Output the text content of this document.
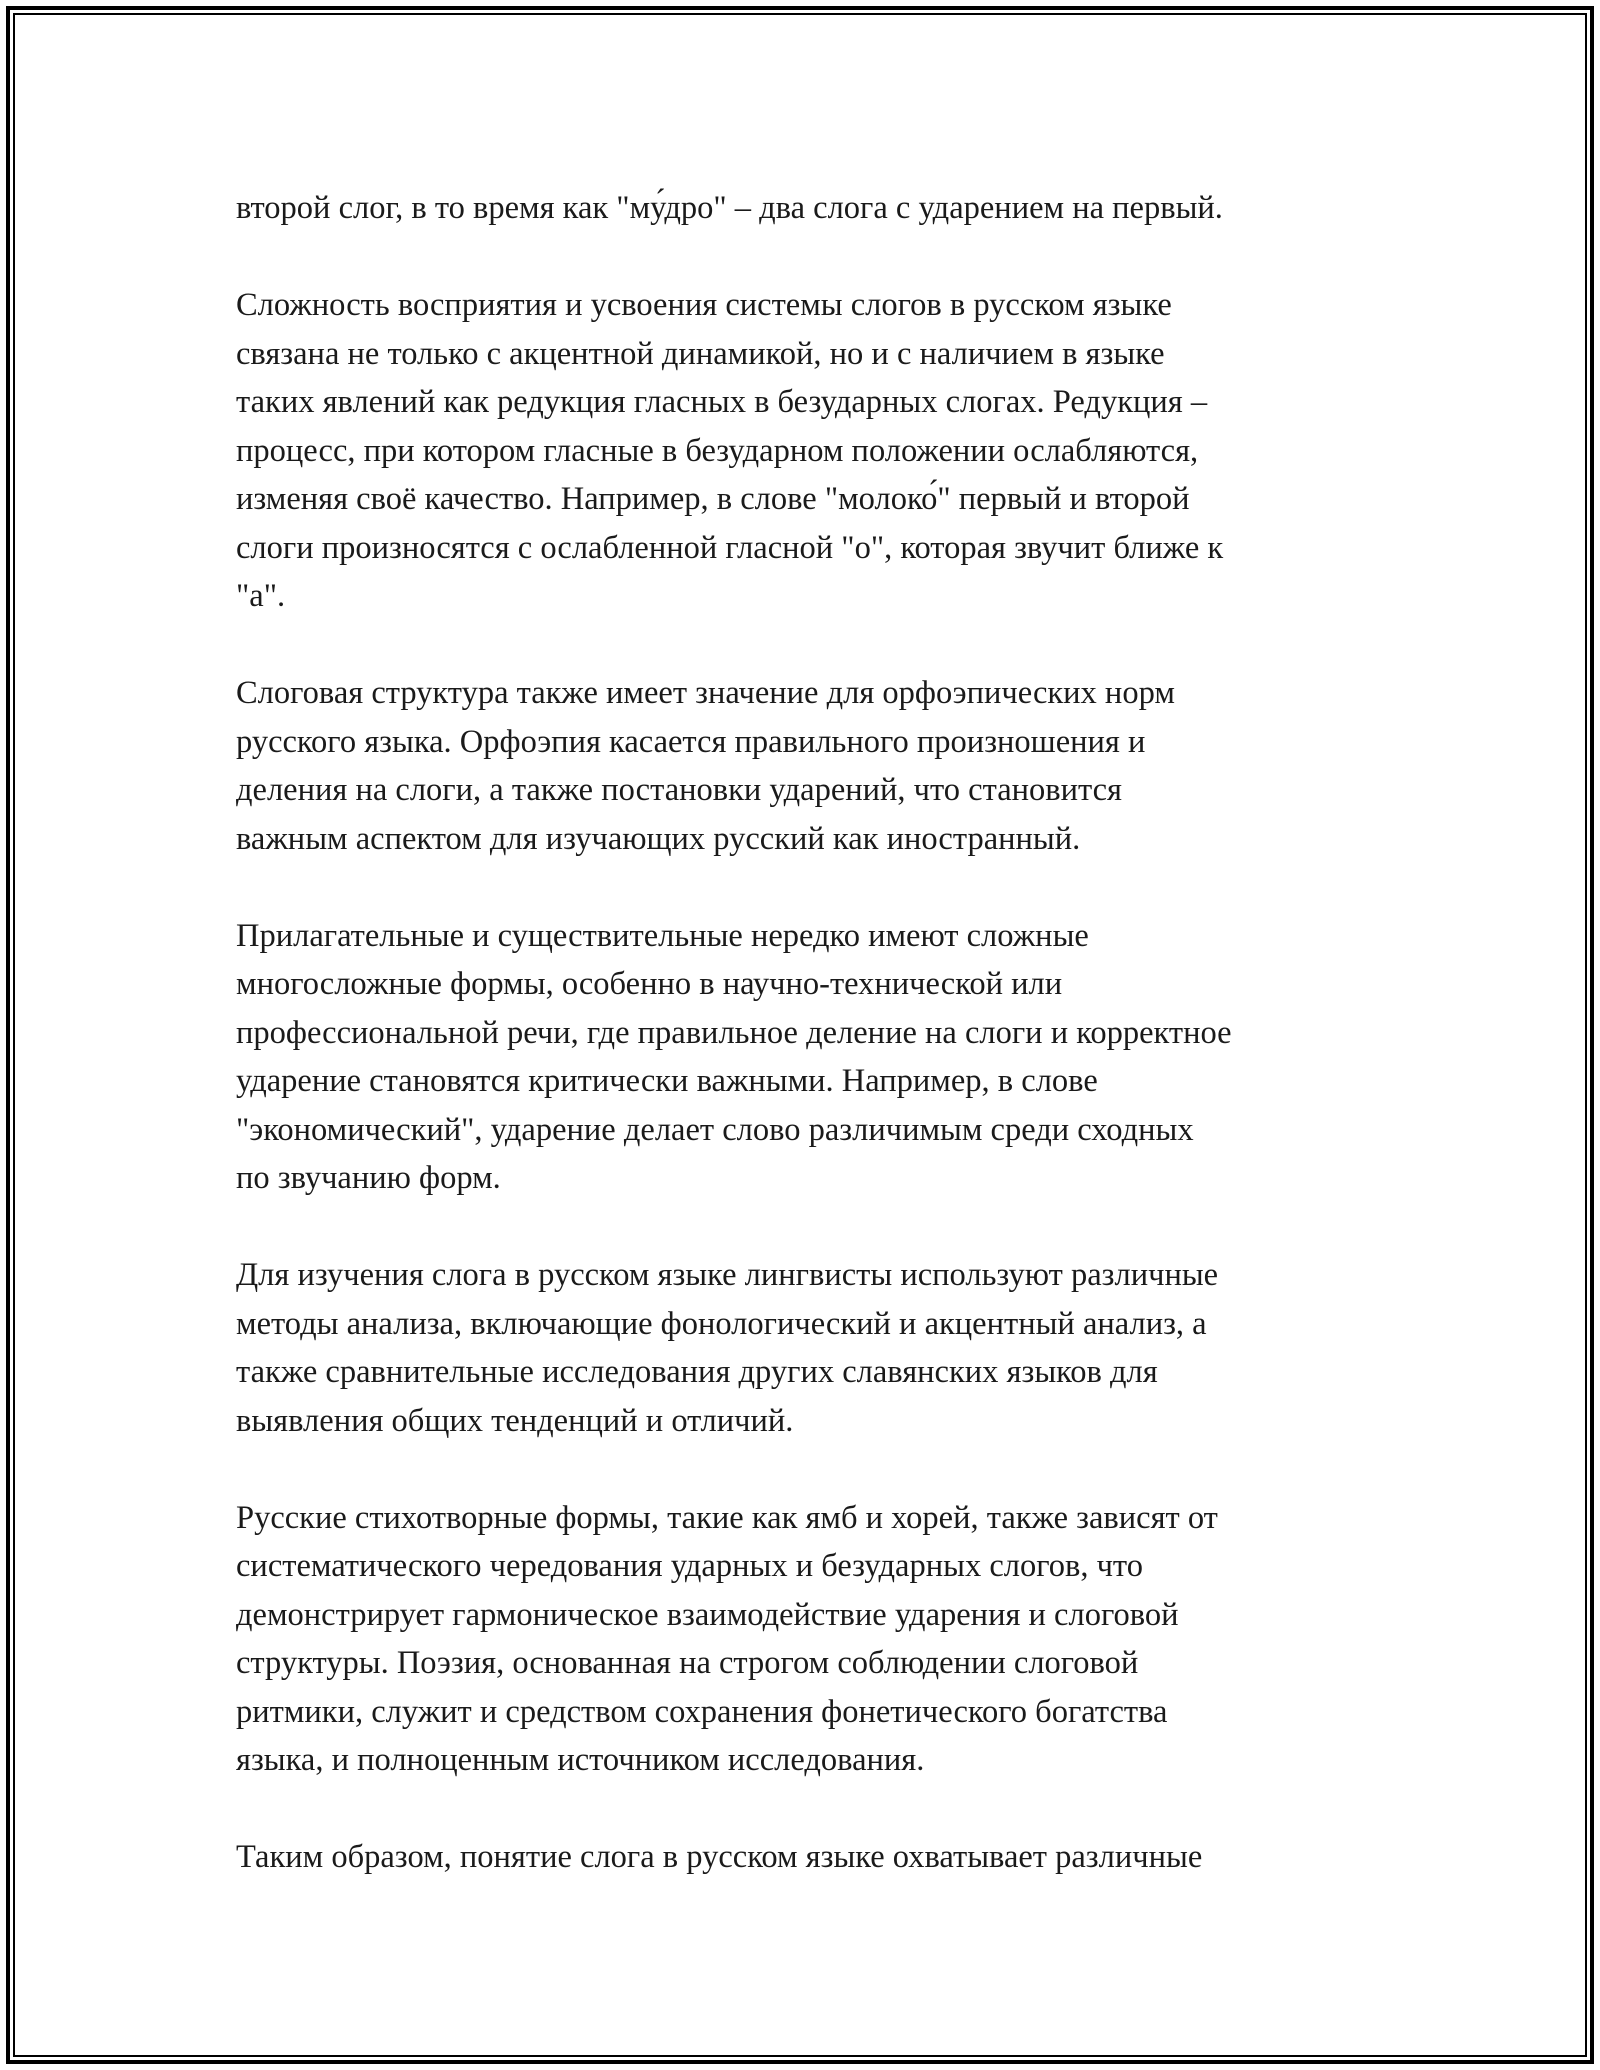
второй слог, в то время как "му́дро" – два слога с ударением на первый.

Сложность восприятия и усвоения системы слогов в русском языке
связана не только с акцентной динамикой, но и с наличием в языке
таких явлений как редукция гласных в безударных слогах. Редукция –
процесс, при котором гласные в безударном положении ослабляются,
изменяя своё качество. Например, в слове "молоко́" первый и второй
слоги произносятся с ослабленной гласной "о", которая звучит ближе к
"а".

Слоговая структура также имеет значение для орфоэпических норм
русского языка. Орфоэпия касается правильного произношения и
деления на слоги, а также постановки ударений, что становится
важным аспектом для изучающих русский как иностранный.

Прилагательные и существительные нередко имеют сложные
многосложные формы, особенно в научно-технической или
профессиональной речи, где правильное деление на слоги и корректное
ударение становятся критически важными. Например, в слове
"экономический", ударение делает слово различимым среди сходных
по звучанию форм.

Для изучения слога в русском языке лингвисты используют различные
методы анализа, включающие фонологический и акцентный анализ, а
также сравнительные исследования других славянских языков для
выявления общих тенденций и отличий.

Русские стихотворные формы, такие как ямб и хорей, также зависят от
систематического чередования ударных и безударных слогов, что
демонстрирует гармоническое взаимодействие ударения и слоговой
структуры. Поэзия, основанная на строгом соблюдении слоговой
ритмики, служит и средством сохранения фонетического богатства
языка, и полноценным источником исследования.

Таким образом, понятие слога в русском языке охватывает различные
